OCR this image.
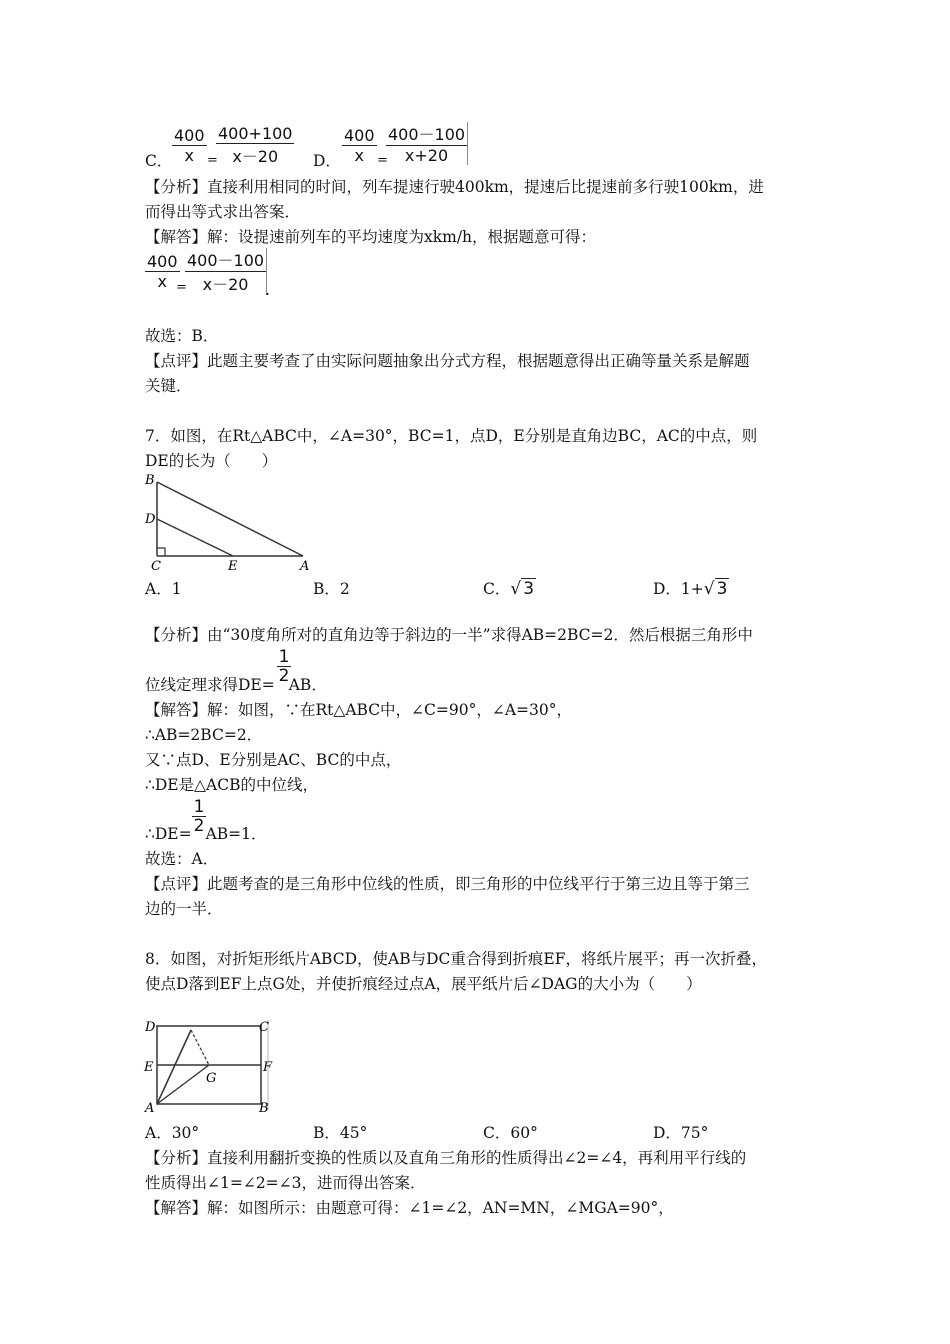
C． $\frac{400}{x}$ =
$\frac{400+100}{x-20}$ D． $\frac{400}{x}$ =
$\frac{400-100}{x+20}$
【分析】直接利用相同的时间，列车提速行驶400km，提速后比提速前多行驶100km，进
而得出等式求出答案．
【解答】解：设提速前列车的平均速度为xkm/h，根据题意可得：
$\frac{400}{x}$
=
$\frac{400-100}{x-20}$
.
故选：B．
【点评】此题主要考查了由实际问题抽象出分式方程，根据题意得出正确等量关系是解题
关键．
7．如图，在Rt△ABC中，∠A=30°，BC=1，点D，E分别是直角边BC，AC的中点，则
DE的长为（　　）
B
D
C	E	A
A．1	B．2	C．√ 3	D．1+√ 3
【分析】由“30度角所对的直角边等于斜边的一半”求得AB=2BC=2．然后根据三角形中
位线定理求得DE= AB．
$\frac{1}{2}$
【解答】解：如图，∵在Rt△ABC中，∠C=90°，∠A=30°，
∴AB=2BC=2．
又∵点D、E分别是AC、BC的中点，
∴DE是△ACB的中位线，
∴DE= AB=1．
$\frac{1}{2}$
故选：A．
【点评】此题考查的是三角形中位线的性质，即三角形的中位线平行于第三边且等于第三
边的一半．
8．如图，对折矩形纸片ABCD，使AB与DC重合得到折痕EF，将纸片展平；再一次折叠，
使点D落到EF上点G处，并使折痕经过点A，展平纸片后∠DAG的大小为（　　）
D	C
E	F
G
A	B
A．30°	B．45°	C．60°	D．75°
【分析】直接利用翻折变换的性质以及直角三角形的性质得出∠2=∠4，再利用平行线的
性质得出∠1=∠2=∠3，进而得出答案．
【解答】解：如图所示：由题意可得：∠1=∠2，AN=MN，∠MGA=90°，
